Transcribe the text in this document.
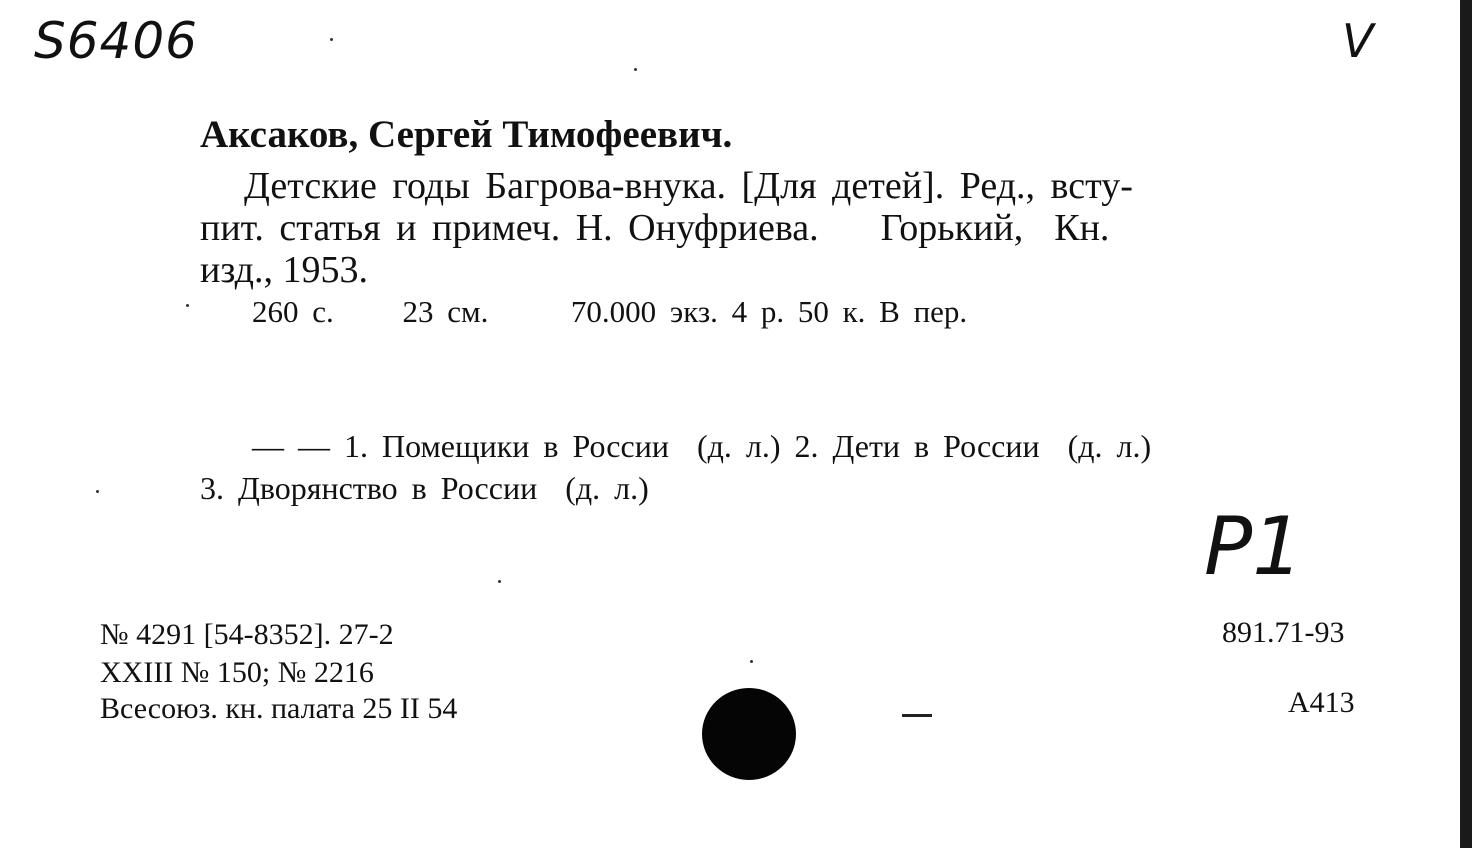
S6406	V
Аксаков, Сергей Тимофеевич.
Детские годы Багрова-внука. [Для детей]. Ред., всту-
пит. статья и примеч. Н. Онуфриева.    Горький,  Кн.
изд., 1953.
260 с.     23 см.      70.000 экз. 4 р. 50 к. В пер.
— — 1. Помещики в России  (д. л.) 2. Дети в России  (д. л.)
3. Дворянство в России  (д. л.)
P1
№ 4291 [54-8352]. 27-2
XXIII № 150; № 2216
Всесоюз. кн. палата 25 II 54
891.71-93
А413
